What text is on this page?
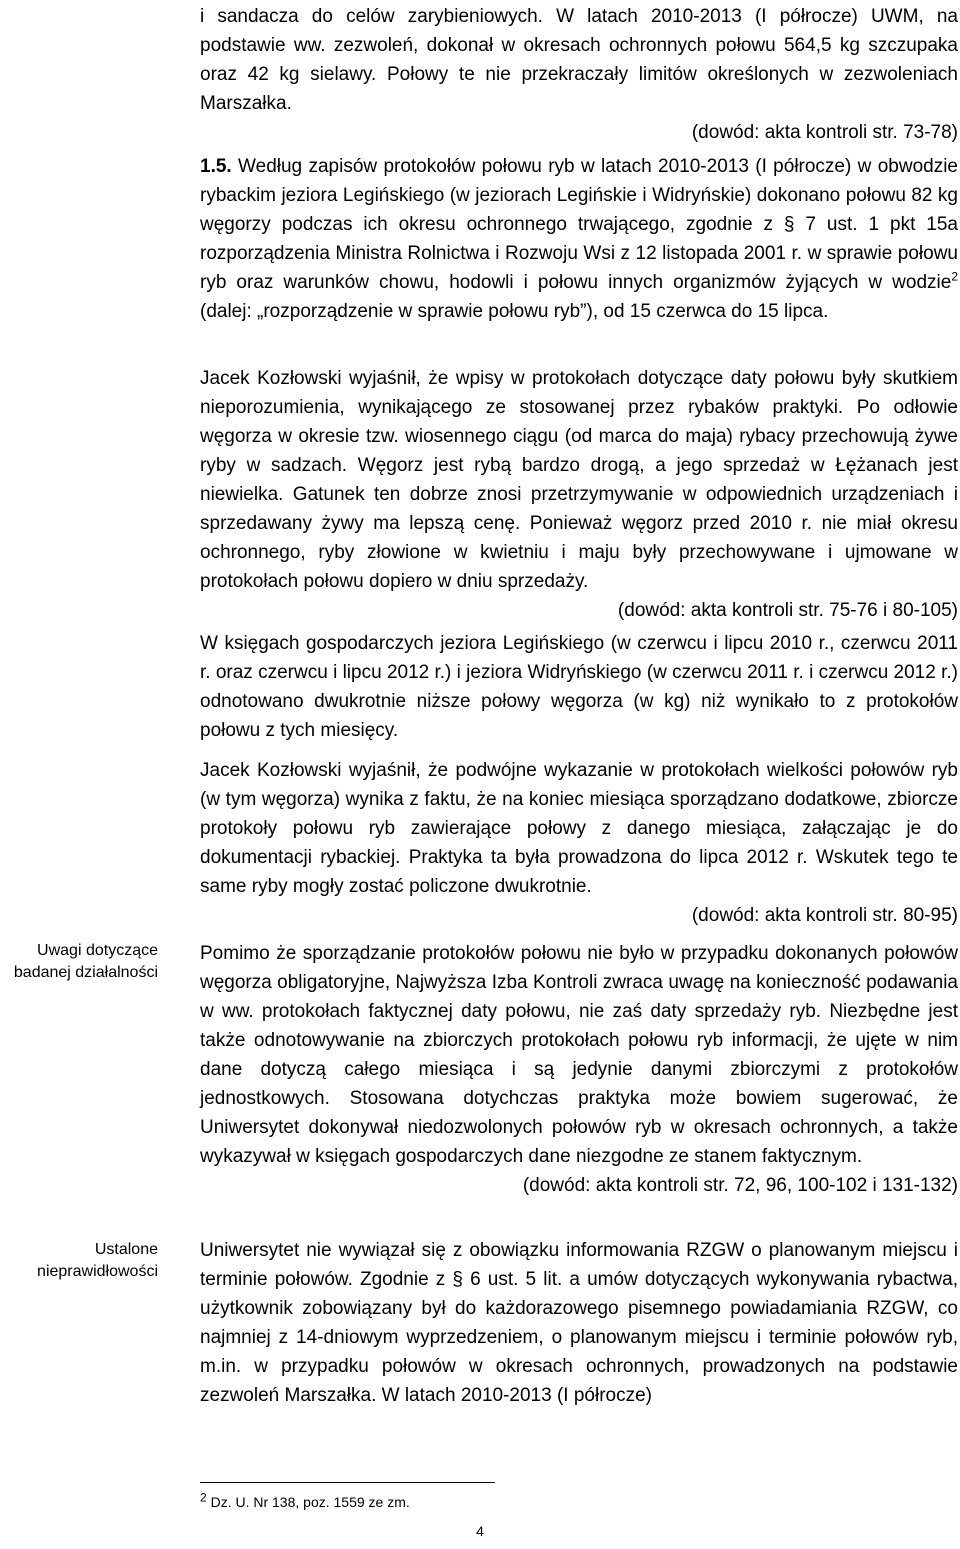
i sandacza do celów zarybieniowych. W latach 2010-2013 (I półrocze) UWM, na podstawie ww. zezwoleń, dokonał w okresach ochronnych połowu 564,5 kg szczupaka oraz 42 kg sielawy. Połowy te nie przekraczały limitów określonych w zezwoleniach Marszałka.

(dowód: akta kontroli str. 73-78)

1.5. Według zapisów protokołów połowu ryb w latach 2010-2013 (I półrocze) w obwodzie rybackim jeziora Legińskiego (w jeziorach Legińskie i Widryńskie) dokonano połowu 82 kg węgorzy podczas ich okresu ochronnego trwającego, zgodnie z § 7 ust. 1 pkt 15a rozporządzenia Ministra Rolnictwa i Rozwoju Wsi z 12 listopada 2001 r. w sprawie połowu ryb oraz warunków chowu, hodowli i połowu innych organizmów żyjących w wodzie$^2$ (dalej: „rozporządzenie w sprawie połowu ryb”), od 15 czerwca do 15 lipca.

Jacek Kozłowski wyjaśnił, że wpisy w protokołach dotyczące daty połowu były skutkiem nieporozumienia, wynikającego ze stosowanej przez rybaków praktyki. Po odłowie węgorza w okresie tzw. wiosennego ciągu (od marca do maja) rybacy przechowują żywe ryby w sadzach. Węgorz jest rybą bardzo drogą, a jego sprzedaż w Łężanach jest niewielka. Gatunek ten dobrze znosi przetrzymywanie w odpowiednich urządzeniach i sprzedawany żywy ma lepszą cenę. Ponieważ węgorz przed 2010 r. nie miał okresu ochronnego, ryby złowione w kwietniu i maju były przechowywane i ujmowane w protokołach połowu dopiero w dniu sprzedaży.

(dowód: akta kontroli str. 75-76 i 80-105)

W księgach gospodarczych jeziora Legińskiego (w czerwcu i lipcu 2010 r., czerwcu 2011 r. oraz czerwcu i lipcu 2012 r.) i jeziora Widryńskiego (w czerwcu 2011 r. i czerwcu 2012 r.) odnotowano dwukrotnie niższe połowy węgorza (w kg) niż wynikało to z protokołów połowu z tych miesięcy.

Jacek Kozłowski wyjaśnił, że podwójne wykazanie w protokołach wielkości połowów ryb (w tym węgorza) wynika z faktu, że na koniec miesiąca sporządzano dodatkowe, zbiorcze protokoły połowu ryb zawierające połowy z danego miesiąca, załączając je do dokumentacji rybackiej. Praktyka ta była prowadzona do lipca 2012 r. Wskutek tego te same ryby mogły zostać policzone dwukrotnie.

(dowód: akta kontroli str. 80-95)

Uwagi dotyczące badanej działalności

Pomimo że sporządzanie protokołów połowu nie było w przypadku dokonanych połowów węgorza obligatoryjne, Najwyższa Izba Kontroli zwraca uwagę na konieczność podawania w ww. protokołach faktycznej daty połowu, nie zaś daty sprzedaży ryb. Niezbędne jest także odnotowywanie na zbiorczych protokołach połowu ryb informacji, że ujęte w nim dane dotyczą całego miesiąca i są jedynie danymi zbiorczymi z protokołów jednostkowych. Stosowana dotychczas praktyka może bowiem sugerować, że Uniwersytet dokonywał niedozwolonych połowów ryb w okresach ochronnych, a także wykazywał w księgach gospodarczych dane niezgodne ze stanem faktycznym.

(dowód: akta kontroli str. 72, 96, 100-102 i 131-132)

Ustalone nieprawidłowości

Uniwersytet nie wywiązał się z obowiązku informowania RZGW o planowanym miejscu i terminie połowów. Zgodnie z § 6 ust. 5 lit. a umów dotyczących wykonywania rybactwa, użytkownik zobowiązany był do każdorazowego pisemnego powiadamiania RZGW, co najmniej z 14-dniowym wyprzedzeniem, o planowanym miejscu i terminie połowów ryb, m.in. w przypadku połowów w okresach ochronnych, prowadzonych na podstawie zezwoleń Marszałka. W latach 2010-2013 (I półrocze)

$^2$ Dz. U. Nr 138, poz. 1559 ze zm.
4
